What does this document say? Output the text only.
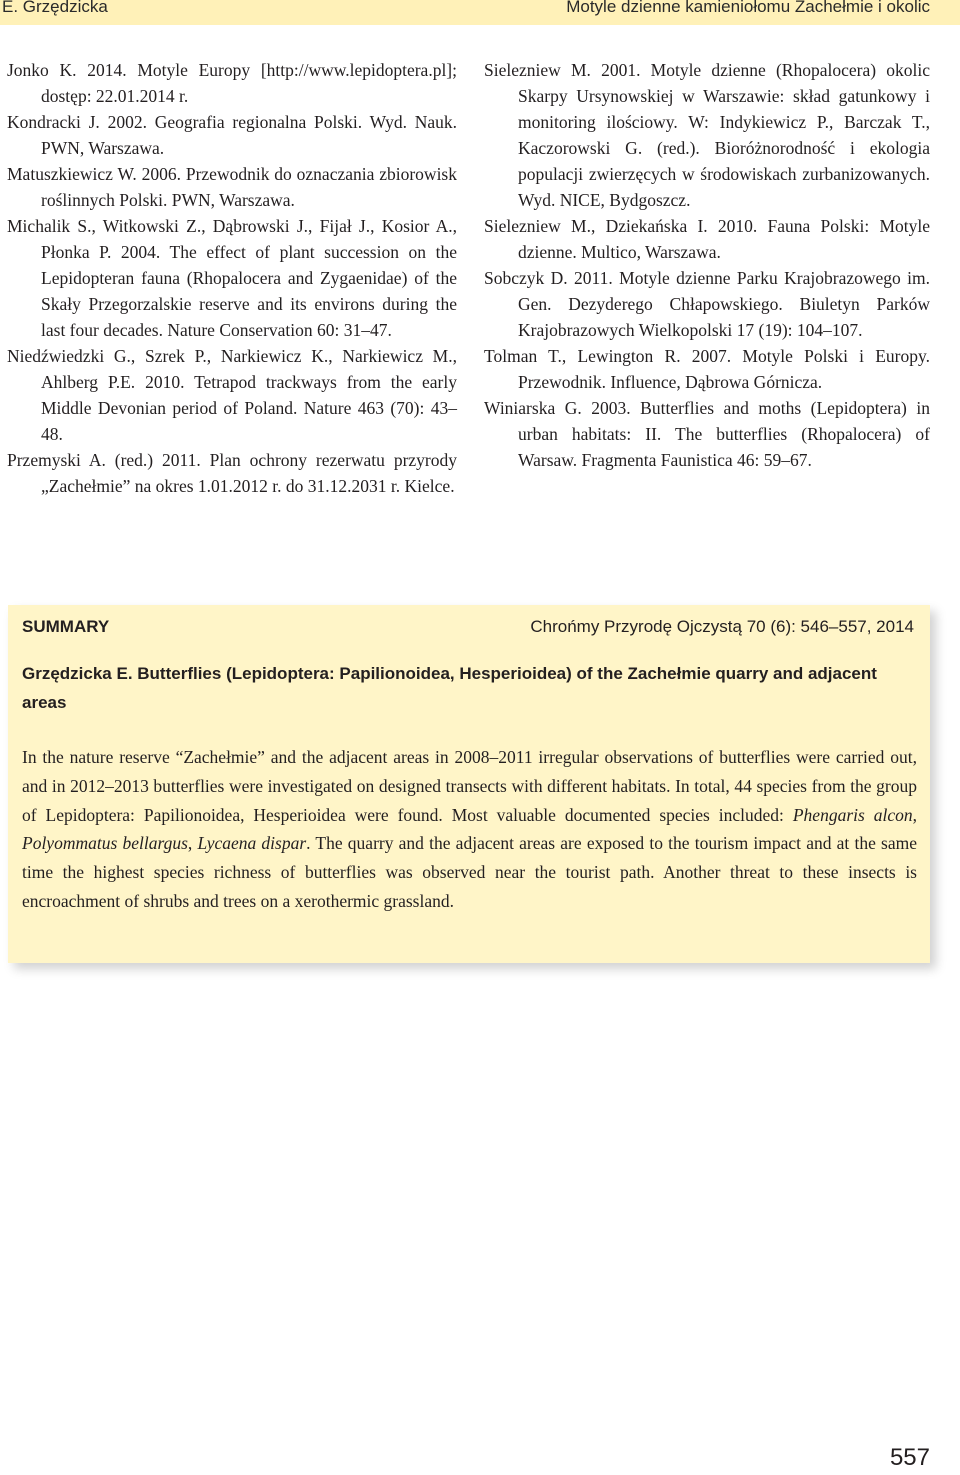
E. Grzędzicka	Motyle dzienne kamieniołomu Zachełmie i okolic

Jonko K. 2014. Motyle Europy [http://www.lepidoptera.pl]; dostęp: 22.01.2014 r.

Kondracki J. 2002. Geografia regionalna Polski. Wyd. Nauk. PWN, Warszawa.

Matuszkiewicz W. 2006. Przewodnik do oznaczania zbiorowisk roślinnych Polski. PWN, Warszawa.

Michalik S., Witkowski Z., Dąbrowski J., Fijał J., Kosior A., Płonka P. 2004. The effect of plant succession on the Lepidopteran fauna (Rhopalocera and Zygaenidae) of the Skały Przegorzalskie reserve and its environs during the last four decades. Nature Conservation 60: 31–47.

Niedźwiedzki G., Szrek P., Narkiewicz K., Narkiewicz M., Ahlberg P.E. 2010. Tetrapod trackways from the early Middle Devonian period of Poland. Nature 463 (70): 43–48.

Przemyski A. (red.) 2011. Plan ochrony rezerwatu przyrody „Zachełmie” na okres 1.01.2012 r. do 31.12.2031 r. Kielce.

Sielezniew M. 2001. Motyle dzienne (Rhopalocera) okolic Skarpy Ursynowskiej w Warszawie: skład gatunkowy i monitoring ilościowy. W: Indykiewicz P., Barczak T., Kaczorowski G. (red.). Bioróżnorodność i ekologia populacji zwierzęcych w środowiskach zurbanizowanych. Wyd. NICE, Bydgoszcz.

Sielezniew M., Dziekańska I. 2010. Fauna Polski: Motyle dzienne. Multico, Warszawa.

Sobczyk D. 2011. Motyle dzienne Parku Krajobrazowego im. Gen. Dezyderego Chłapowskiego. Biuletyn Parków Krajobrazowych Wielkopolski 17 (19): 104–107.

Tolman T., Lewington R. 2007. Motyle Polski i Europy. Przewodnik. Influence, Dąbrowa Górnicza.

Winiarska G. 2003. Butterflies and moths (Lepidoptera) in urban habitats: II. The butterflies (Rhopalocera) of Warsaw. Fragmenta Faunistica 46: 59–67.

SUMMARY	Chrońmy Przyrodę Ojczystą 70 (6): 546–557, 2014
Grzędzicka E. Butterflies (Lepidoptera: Papilionoidea, Hesperioidea) of the Zachełmie quarry and adjacent areas

In the nature reserve “Zachełmie” and the adjacent areas in 2008–2011 irregular observations of butterflies were carried out, and in 2012–2013 butterflies were investigated on designed transects with different habitats. In total, 44 species from the group of Lepidoptera: Papilionoidea, Hesperioidea were found. Most valuable documented species included: Phengaris alcon, Polyommatus bellargus, Lycaena dispar. The quarry and the adjacent areas are exposed to the tourism impact and at the same time the highest species richness of butterflies was observed near the tourist path. Another threat to these insects is encroachment of shrubs and trees on a xerothermic grassland.

557
